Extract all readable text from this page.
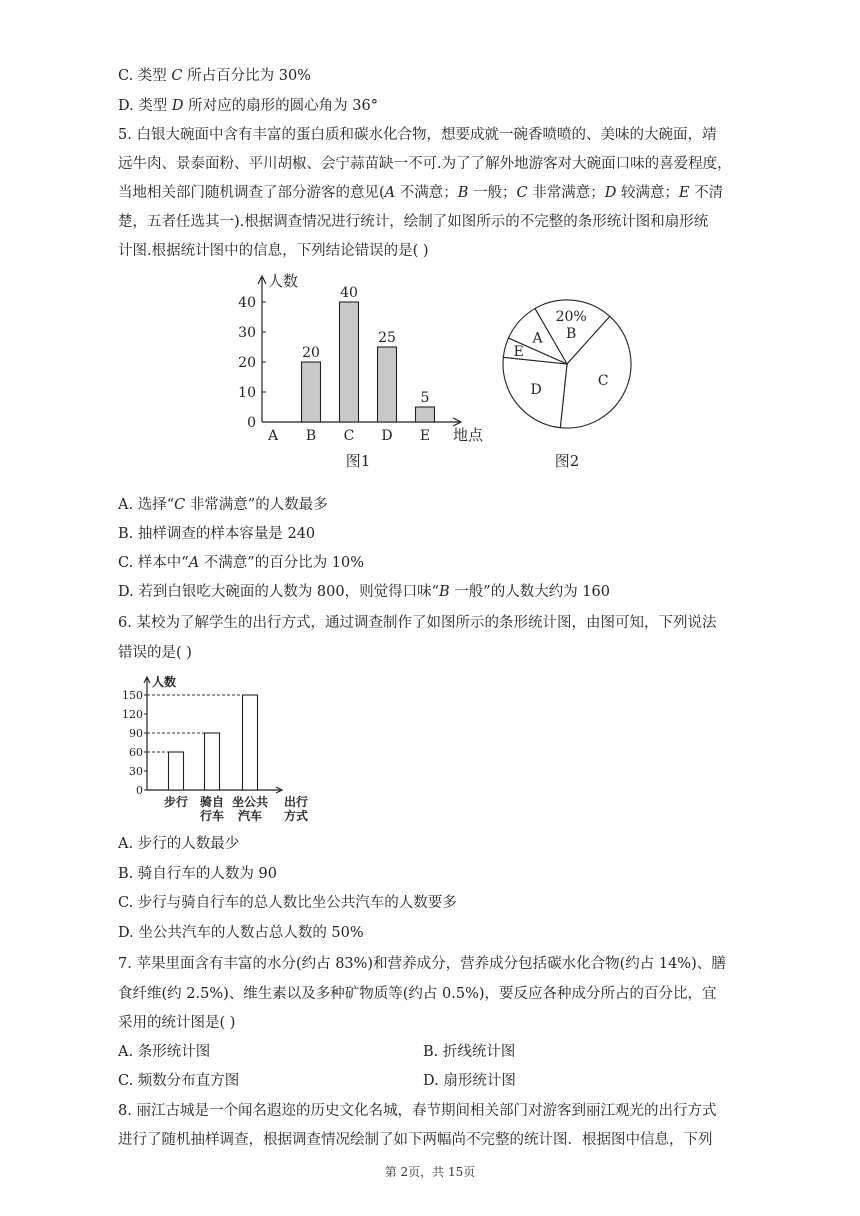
C. 类型 𝐶 所占百分比为 30%
D. 类型 𝐷 所对应的扇形的圆心角为 36°
5. 白银大碗面中含有丰富的蛋白质和碳水化合物，想要成就一碗香喷喷的、美味的大碗面，靖
远牛肉、景泰面粉、平川胡椒、会宁蒜苗缺一不可.为了了解外地游客对大碗面口味的喜爱程度，
当地相关部门随机调查了部分游客的意见(𝐴 不满意；𝐵 一般；𝐶 非常满意；𝐷 较满意；𝐸 不清
楚，五者任选其一).根据调查情况进行统计，绘制了如图所示的不完整的条形统计图和扇形统
计图.根据统计图中的信息，下列结论错误的是( )
0
10
20
30
40
A B
20
C
40
D
25
E
5
人数
地点
图1
20%
B
C
D
E
A
图2
A. 选择“𝐶 非常满意”的人数最多
B. 抽样调查的样本容量是 240
C. 样本中“𝐴 不满意”的百分比为 10%
D. 若到白银吃大碗面的人数为 800，则觉得口味“𝐵 一般”的人数大约为 160
6. 某校为了解学生的出行方式，通过调查制作了如图所示的条形统计图，由图可知，下列说法
错误的是( )
0
30
60
90
120
150
步行 骑自
行车
坐公共
汽车
人数
出行方式
A. 步行的人数最少
B. 骑自行车的人数为 90
C. 步行与骑自行车的总人数比坐公共汽车的人数要多
D. 坐公共汽车的人数占总人数的 50%
7. 苹果里面含有丰富的水分(约占 83%)和营养成分，营养成分包括碳水化合物(约占 14%)、膳
食纤维(约 2.5%)、维生素以及多种矿物质等(约占 0.5%)，要反应各种成分所占的百分比，宜
采用的统计图是( )
A. 条形统计图	B. 折线统计图
C. 频数分布直方图	D. 扇形统计图
8. 丽江古城是一个闻名遐迩的历史文化名城，春节期间相关部门对游客到丽江观光的出行方式
进行了随机抽样调查，根据调查情况绘制了如下两幅尚不完整的统计图．根据图中信息，下列
第 2页，共 15页
